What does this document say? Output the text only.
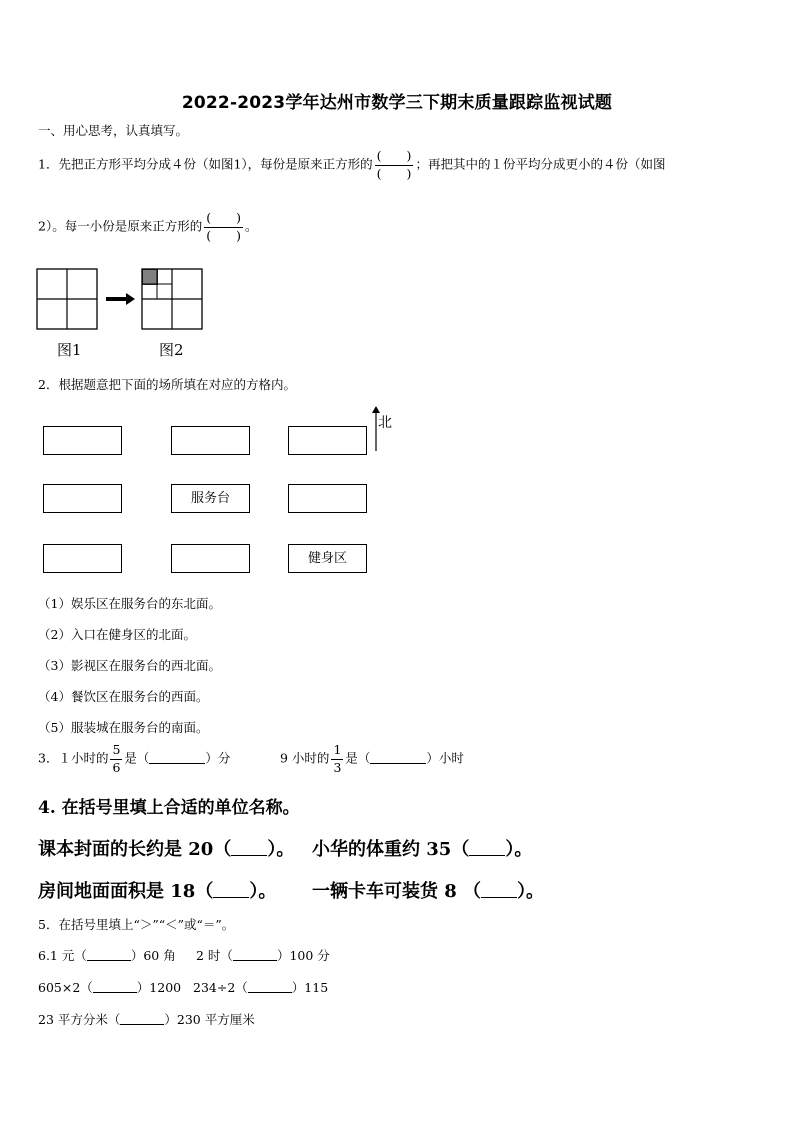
2022-2023学年达州市数学三下期末质量跟踪监视试题
一、用心思考，认真填写。
1．先把正方形平均分成４份（如图1），每份是原来正方形的 $\frac{( )}{( )}$ ；再把其中的１份平均分成更小的４份（如图
2）。每一小份是原来正方形的 $\frac{( )}{( )}$ 。
图1	图2
2．根据题意把下面的场所填在对应的方格内。
服务台
健身区
北
（1）娱乐区在服务台的东北面。
（2）入口在健身区的北面。
（3）影视区在服务台的西北面。
（4）餐饮区在服务台的西面。
（5）服装城在服务台的南面。
3．１小时的 $\frac{5}{6}$ 是（	）分	9 小时的 $\frac{1}{3}$ 是（	）小时
4. 在括号里填上合适的单位名称。
课本封面的长约是 20（ ）。 小华的体重约 35（ ）。
房间地面面积是 18（ ）。 一辆卡车可装货 8 （ ）。
5．在括号里填上“＞”“＜”或“＝”。
6.1 元（	）60 角 2 时（	）100 分
605×2（	）1200 234÷2（	）115
23 平方分米（	）230 平方厘米
